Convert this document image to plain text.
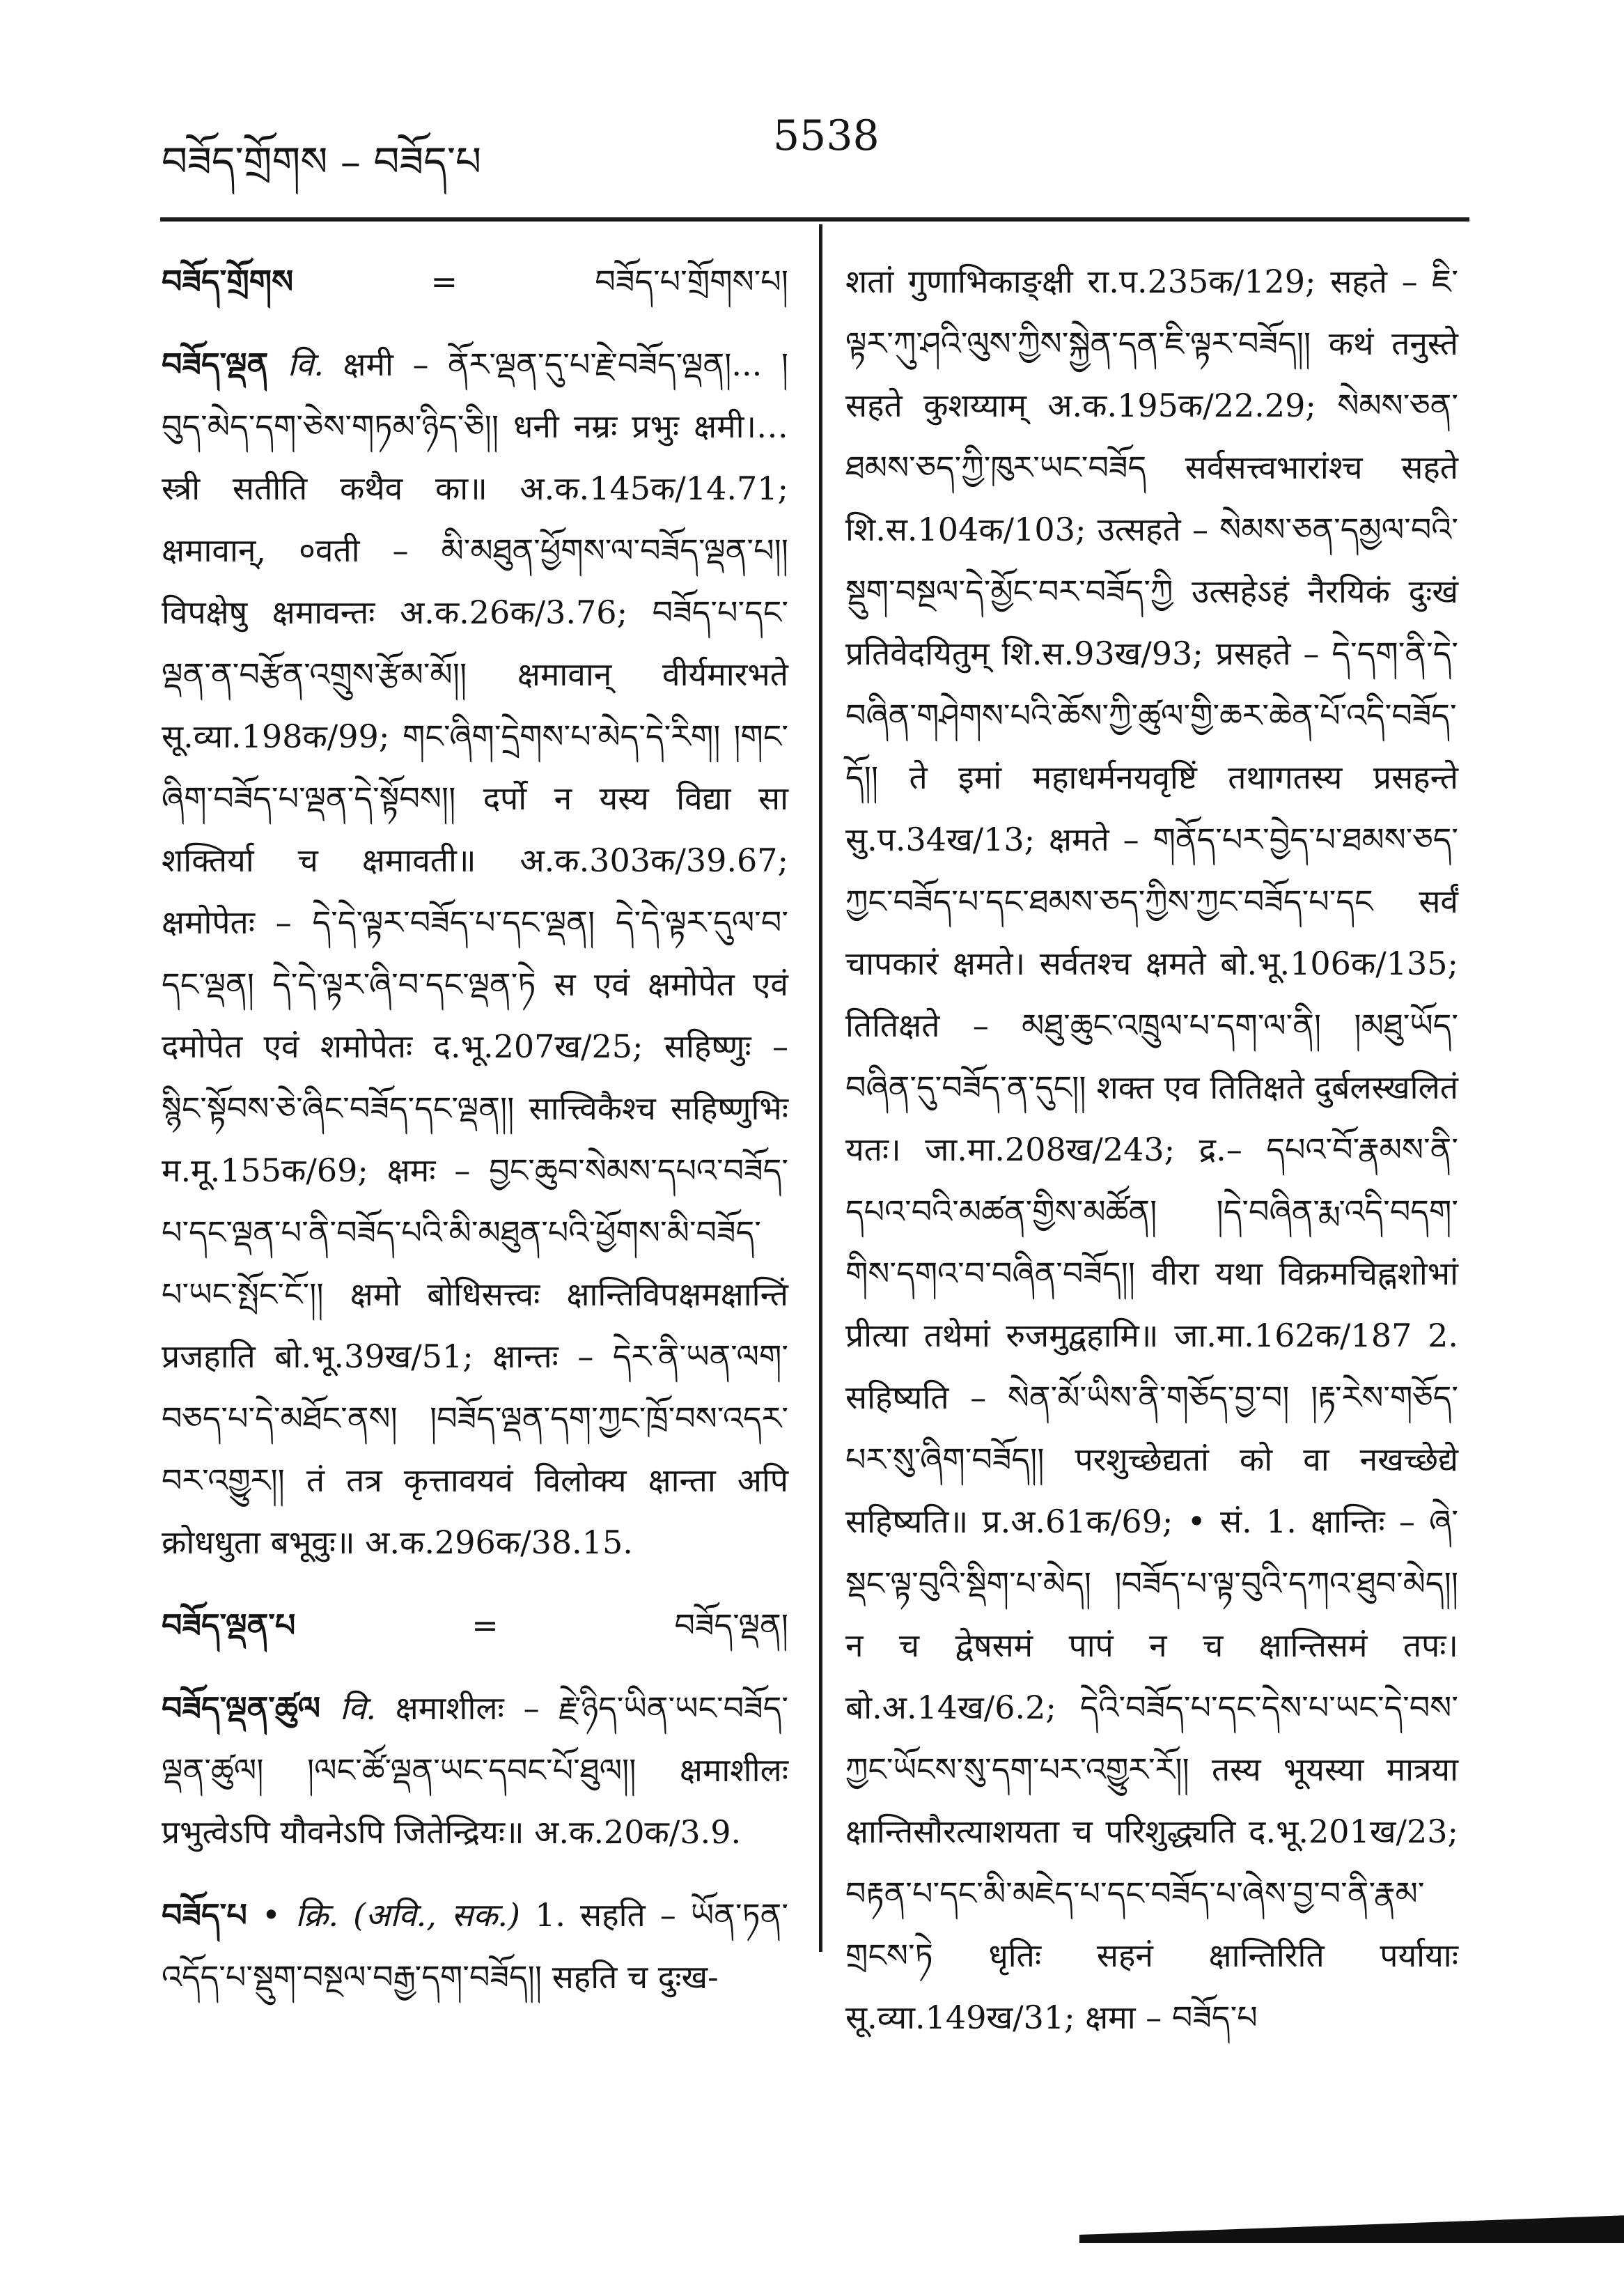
བཟོད་གྲོགས – བཟོད་པ
5538
བཟོད་གྲོགས	=	བཟོད་པ་གྲོགས་པ།
བཟོད་ལྡན वि. क्षमी – ནོར་ལྡན་དུ་པ་རྗེ་བཟོད་ལྡན།... །བུད་མེད་དག་ཅེས་གཏམ་ཉིད་ཅི།། धनी नम्रः प्रभुः क्षमी।…स्त्री सतीति कथैव का॥ अ.क.145क/14.71; क्षमावान्, ०वती – མི་མཐུན་ཕྱོགས་ལ་བཟོད་ལྡན་པ།། विपक्षेषु क्षमावन्तः अ.क.26क/3.76; བཟོད་པ་དང་ལྡན་ན་བརྩོན་འགྲུས་རྩོམ་མོ།། क्षमावान् वीर्यमारभते सू.व्या.198क/99; གང་ཞིག་དྲེགས་པ་མེད་དེ་རིག། །གང་ཞིག་བཟོད་པ་ལྡན་དེ་སྟོབས།། दर्पो न यस्य विद्या सा शक्तिर्या च क्षमावती॥ अ.क.303क/39.67; क्षमोपेतः – དེ་དེ་ལྟར་བཟོད་པ་དང་ལྡན། དེ་དེ་ལྟར་དུལ་བ་དང་ལྡན། དེ་དེ་ལྟར་ཞི་བ་དང་ལྡན་ཏེ स एवं क्षमोपेत एवं दमोपेत एवं शमोपेतः द.भू.207ख/25; सहिष्णुः – སྙིང་སྟོབས་ཅེ་ཞིང་བཟོད་དང་ལྡན།། सात्त्विकैश्च सहिष्णुभिः म.मू.155क/69; क्षमः – བྱང་ཆུབ་སེམས་དཔའ་བཟོད་པ་དང་ལྡན་པ་ནི་བཟོད་པའི་མི་མཐུན་པའི་ཕྱོགས་མི་བཟོད་པ་ཡང་སྤོང་ངོ་།། क्षमो बोधिसत्त्वः क्षान्तिविपक्षमक्षान्तिं प्रजहाति बो.भू.39ख/51; क्षान्तः – དེར་ནི་ཡན་ལག་བཅད་པ་དེ་མཐོང་ནས། །བཟོད་ལྡན་དག་ཀྱང་ཁྲོ་བས་འདར་བར་འགྱུར།། तं तत्र कृत्तावयवं विलोक्य क्षान्ता अपि क्रोधधुता बभूवुः॥ अ.क.296क/38.15.
བཟོད་ལྡན་པ	=	བཟོད་ལྡན།
བཟོད་ལྡན་ཚུལ वि. क्षमाशीलः – རྗེ་ཉིད་ཡིན་ཡང་བཟོད་ལྡན་ཚུལ། །ལང་ཚོ་ལྡན་ཡང་དབང་པོ་ཐུལ།། क्षमाशीलः प्रभुत्वेऽपि यौवनेऽपि जितेन्द्रियः॥ अ.क.20क/3.9.
བཟོད་པ • क्रि. (अवि., सक.) 1. सहति – ཡོན་ཏན་འདོད་པ་སྡུག་བསྔལ་བརྒྱ་དག་བཟོད།། सहति च दुःख-
शतां गुणाभिकाङ्क्षी रा.प.235क/129; सहते – ཇི་ལྟར་ཀུ་ཤའི་ལུས་ཀྱིས་སྐྱེན་དན་ཇི་ལྟར་བཟོད།། कथं तनुस्ते सहते कुशय्याम् अ.क.195क/22.29; སེམས་ཅན་ཐམས་ཅད་ཀྱི་ཁུར་ཡང་བཟོད सर्वसत्त्वभारांश्च सहते शि.स.104क/103; उत्सहते – སེམས་ཅན་དམྱལ་བའི་སྡུག་བསྔལ་དེ་མྱོང་བར་བཟོད་ཀྱི उत्सहेऽहं नैरयिकं दुःखं प्रतिवेदयितुम् शि.स.93ख/93; प्रसहते – དེ་དག་ནི་དེ་བཞིན་གཤེགས་པའི་ཆོས་ཀྱི་ཚུལ་གྱི་ཆར་ཆེན་པོ་འདི་བཟོད་དོ།། ते इमां महाधर्मनयवृष्टिं तथागतस्य प्रसहन्ते सु.प.34ख/13; क्षमते – གནོད་པར་བྱེད་པ་ཐམས་ཅད་ཀྱང་བཟོད་པ་དང་ཐམས་ཅད་ཀྱིས་ཀྱང་བཟོད་པ་དང सर्वं चापकारं क्षमते। सर्वतश्च क्षमते बो.भू.106क/135; तितिक्षते – མཐུ་ཆུང་འཁྲུལ་པ་དག་ལ་ནི། །མཐུ་ཡོད་བཞིན་དུ་བཟོད་ན་དུང།། शक्त एव तितिक्षते दुर्बलस्खलितं यतः। जा.मा.208ख/243; द्र.– དཔའ་བོ་རྣམས་ནི་དཔའ་བའི་མཚན་གྱིས་མཚོན། །དེ་བཞིན་རྨ་འདི་བདག་གིས་དགའ་བ་བཞིན་བཟོད།། वीरा यथा विक्रमचिह्नशोभां प्रीत्या तथेमां रुजमुद्वहामि॥ जा.मा.162क/187 2. सहिष्यति – སེན་མོ་ཡིས་ནི་གཅོད་བྱ་བ། །རྟ་རེས་གཅོད་པར་སུ་ཞིག་བཟོད།། परशुच्छेद्यतां को वा नखच्छेद्ये सहिष्यति॥ प्र.अ.61क/69; • सं. 1. क्षान्तिः – ཞེ་སྡང་ལྟ་བུའི་སྡིག་པ་མེད། །བཟོད་པ་ལྟ་བུའི་དཀའ་ཐུབ་མེད།། न च द्वेषसमं पापं न च क्षान्तिसमं तपः। बो.अ.14ख/6.2; དེའི་བཟོད་པ་དང་དེས་པ་ཡང་དེ་བས་ཀྱང་ཡོངས་སུ་དག་པར་འགྱུར་རོ།། तस्य भूयस्या मात्रया क्षान्तिसौरत्याशयता च परिशुद्ध्यति द.भू.201ख/23; བརྟན་པ་དང་མི་མཇེད་པ་དང་བཟོད་པ་ཞེས་བྱ་བ་ནི་རྣམ་གྲངས་ཏེ धृतिः सहनं क्षान्तिरिति पर्यायाः सू.व्या.149ख/31; क्षमा – བཟོད་པ
